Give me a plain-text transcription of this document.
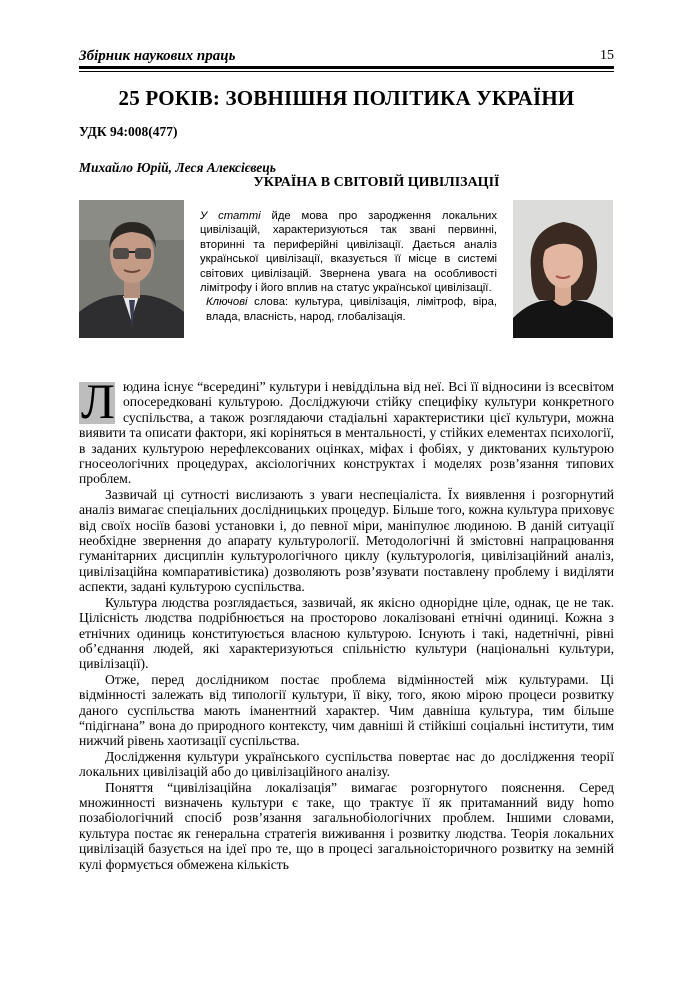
Збірник наукових праць	15
25 РОКІВ: ЗОВНІШНЯ ПОЛІТИКА УКРАЇНИ
УДК 94:008(477)
Михайло Юрій, Леся Алексієвець
УКРАЇНА В СВІТОВІЙ ЦИВІЛІЗАЦІЇ

У статті йде мова про зародження локальних цивілізацій, характеризуються так звані первинні, вторинні та периферійні цивілізації. Дається аналіз української цивілізації, вказується її місце в системі світових цивілізацій. Звернена увага на особливості лімітрофу і його вплив на статус української цивілізації.

Ключові слова: культура, цивілізація, лімітроф, віра, влада, власність, народ, глобалізація.

Л юдина існує “всередині” культури і невіддільна від неї. Всі її відносини із всесвітом опосередковані культурою. Досліджуючи стійку специфіку культури конкретного суспільства, а також розглядаючи стадіальні характеристики цієї культури, можна виявити та описати фактори, які коріняться в ментальності, у стійких елементах психології, в заданих культурою нерефлексованих оцінках, міфах і фобіях, у диктованих культурою гносеологічних процедурах, аксіологічних конструктах і моделях розв’язання типових проблем.

Зазвичай ці сутності вислизають з уваги неспеціаліста. Їх виявлення і розгорнутий аналіз вимагає спеціальних дослідницьких процедур. Більше того, кожна культура приховує від своїх носіїв базові установки і, до певної міри, маніпулює людиною. В даній ситуації необхідне звернення до апарату культурології. Методологічні й змістовні напрацювання гуманітарних дисциплін культурологічного циклу (культурологія, цивілізаційний аналіз, цивілізаційна компаративістика) дозволяють розв’язувати поставлену проблему і виділяти аспекти, задані культурою суспільства.

Культура людства розглядається, зазвичай, як якісно однорідне ціле, однак, це не так. Цілісність людства подрібнюється на просторово локалізовані етнічні одиниці. Кожна з етнічних одиниць конституюється власною культурою. Існують і такі, надетнічні, рівні об’єднання людей, які характеризуються спільністю культури (національні культури, цивілізації).

Отже, перед дослідником постає проблема відмінностей між культурами. Ці відмінності залежать від типології культури, її віку, того, якою мірою процеси розвитку даного суспільства мають іманентний характер. Чим давніша культура, тим більше “підігнана” вона до природного контексту, чим давніші й стійкіші соціальні інститути, тим нижчий рівень хаотизації суспільства.

Дослідження культури українського суспільства повертає нас до дослідження теорії локальних цивілізацій або до цивілізаційного аналізу.

Поняття “цивілізаційна локалізація” вимагає розгорнутого пояснення. Серед множинності визначень культури є таке, що трактує її як притаманний виду homo позабіологічний спосіб розв’язання загальнобіологічних проблем. Іншими словами, культура постає як генеральна стратегія виживання і розвитку людства. Теорія локальних цивілізацій базується на ідеї про те, що в процесі загальноісторичного розвитку на земній кулі формується обмежена кількість
